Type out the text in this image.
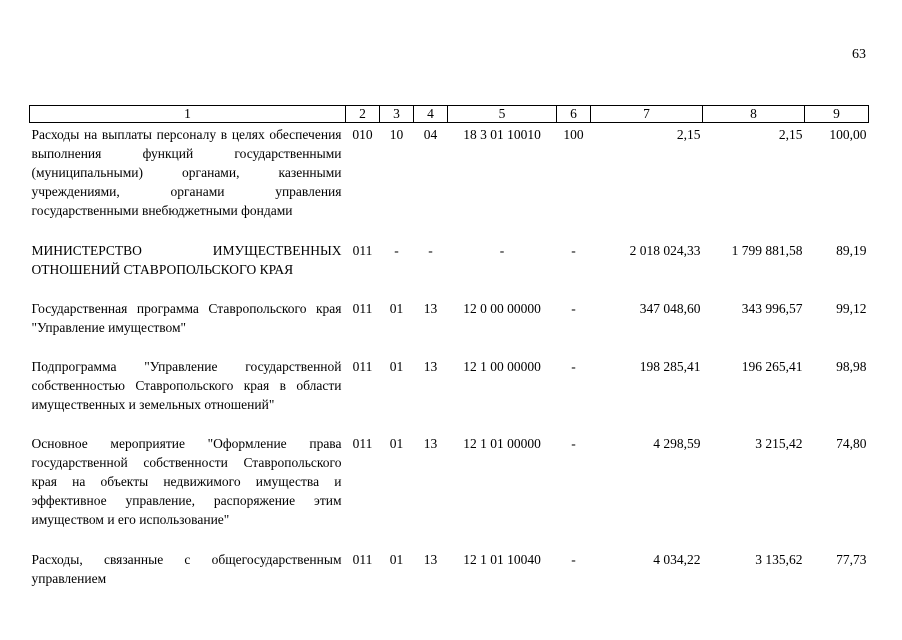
63
1	2	3	4	5	6	7	8	9
Расходы на выплаты персоналу в целях обеспечения выполнения функций государственными (муниципальными) органами, казенными учреждениями, органами управления государственными внебюджетными фондами	010	10	04	18 3 01 10010	100	2,15	2,15	100,00
МИНИСТЕРСТВО ИМУЩЕСТВЕННЫХ ОТНОШЕНИЙ СТАВРОПОЛЬСКОГО КРАЯ	011	-	-	-	-	2 018 024,33	1 799 881,58	89,19
Государственная программа Ставропольского края "Управление имуществом"	011	01	13	12 0 00 00000	-	347 048,60	343 996,57	99,12
Подпрограмма "Управление государственной собственностью Ставропольского края в области имущественных и земельных отношений"	011	01	13	12 1 00 00000	-	198 285,41	196 265,41	98,98
Основное мероприятие "Оформление права государственной собственности Ставропольского края на объекты недвижимого имущества и эффективное управление, распоряжение этим имуществом и его использование"	011	01	13	12 1 01 00000	-	4 298,59	3 215,42	74,80
Расходы, связанные с общегосударственным управлением	011	01	13	12 1 01 10040	-	4 034,22	3 135,62	77,73
